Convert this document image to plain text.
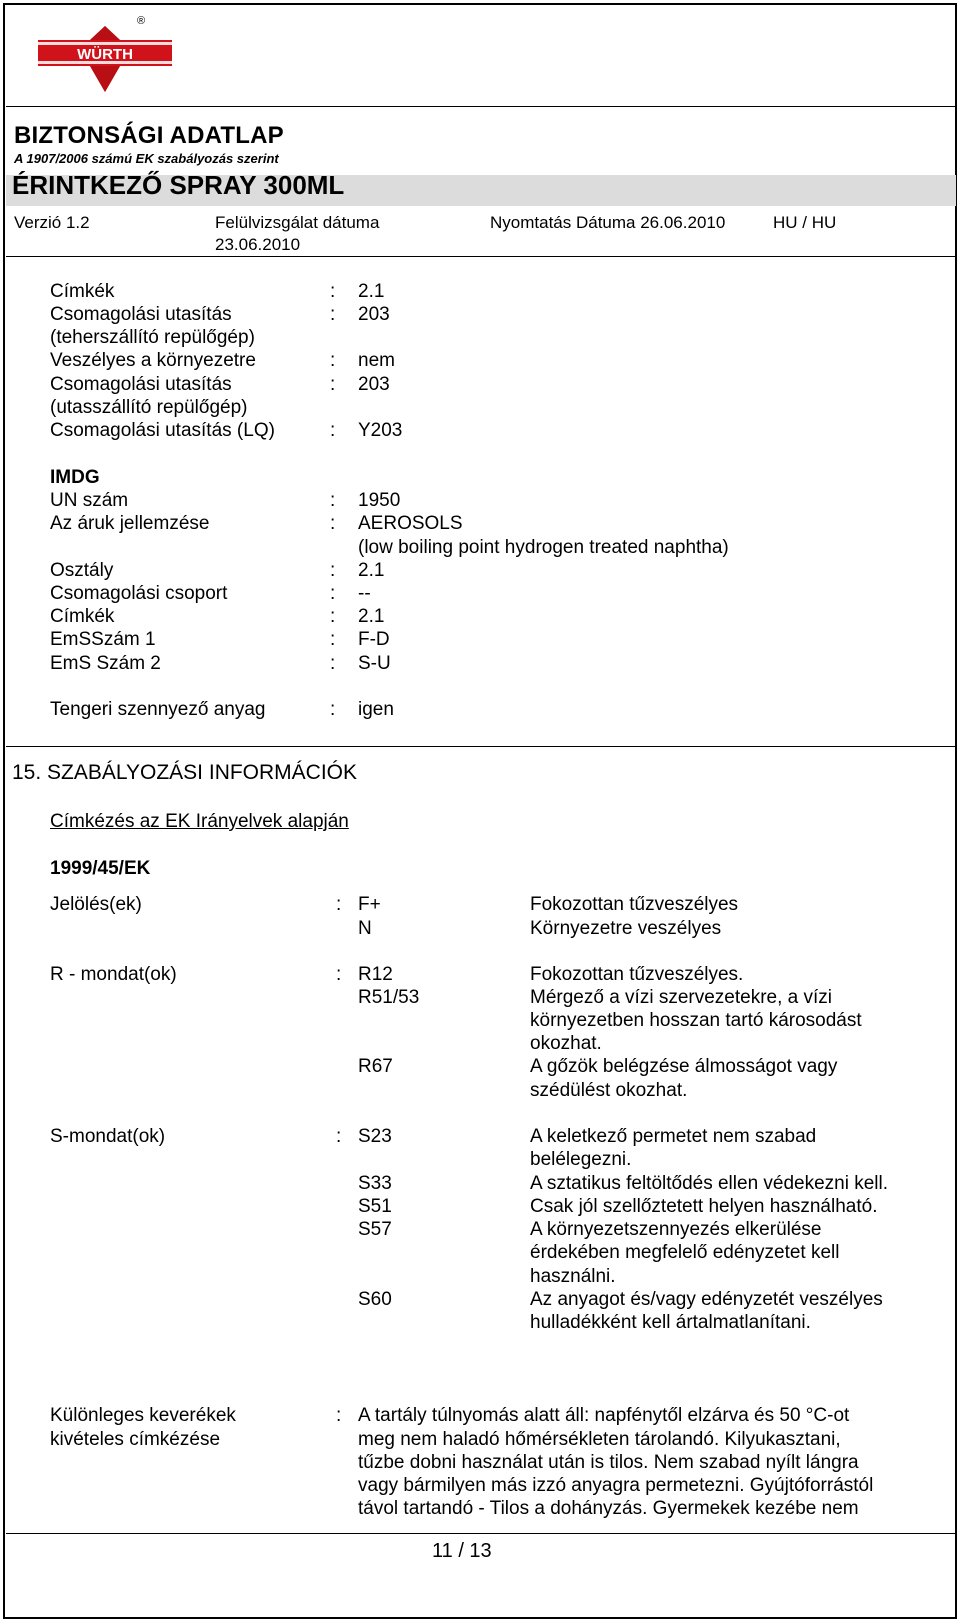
WÜRTH
®
BIZTONSÁGI ADATLAP
A 1907/2006 számú EK szabályozás szerint
ÉRINTKEZŐ SPRAY 300ML
Verzió 1.2	Felülvizsgálat dátuma
23.06.2010
Nyomtatás Dátuma 26.06.2010	HU / HU
Címkék	: 2.1
Csomagolási utasítás	: 203
(teherszállító repülőgép)
Veszélyes a környezetre	: nem
Csomagolási utasítás	: 203
(utasszállító repülőgép)
Csomagolási utasítás (LQ)	: Y203
IMDG
UN szám	: 1950
Az áruk jellemzése	: AEROSOLS
(low boiling point hydrogen treated naphtha)
Osztály	: 2.1
Csomagolási csoport	: --
Címkék	: 2.1
EmSSzám 1	: F-D
EmS Szám 2	: S-U
Tengeri szennyező anyag	: igen
15. SZABÁLYOZÁSI INFORMÁCIÓK
Címkézés az EK Irányelvek alapján
1999/45/EK
Jelölés(ek)	: F+	Fokozottan tűzveszélyes
N	Környezetre veszélyes
R - mondat(ok)	: R12	Fokozottan tűzveszélyes.
R51/53	Mérgező a vízi szervezetekre, a vízi
környezetben hosszan tartó károsodást
okozhat.
R67	A gőzök belégzése álmosságot vagy
szédülést okozhat.
S-mondat(ok)	: S23	A keletkező permetet nem szabad
belélegezni.
S33	A sztatikus feltöltődés ellen védekezni kell.
S51	Csak jól szellőztetett helyen használható.
S57	A környezetszennyezés elkerülése
érdekében megfelelő edényzetet kell
használni.
S60	Az anyagot és/vagy edényzetét veszélyes
hulladékként kell ártalmatlanítani.
Különleges keverékek
kivételes címkézése
: A tartály túlnyomás alatt áll: napfénytől elzárva és 50 °C-ot
meg nem haladó hőmérsékleten tárolandó. Kilyukasztani,
tűzbe dobni használat után is tilos. Nem szabad nyílt lángra
vagy bármilyen más izzó anyagra permetezni. Gyújtóforrástól
távol tartandó - Tilos a dohányzás. Gyermekek kezébe nem
11 / 13
